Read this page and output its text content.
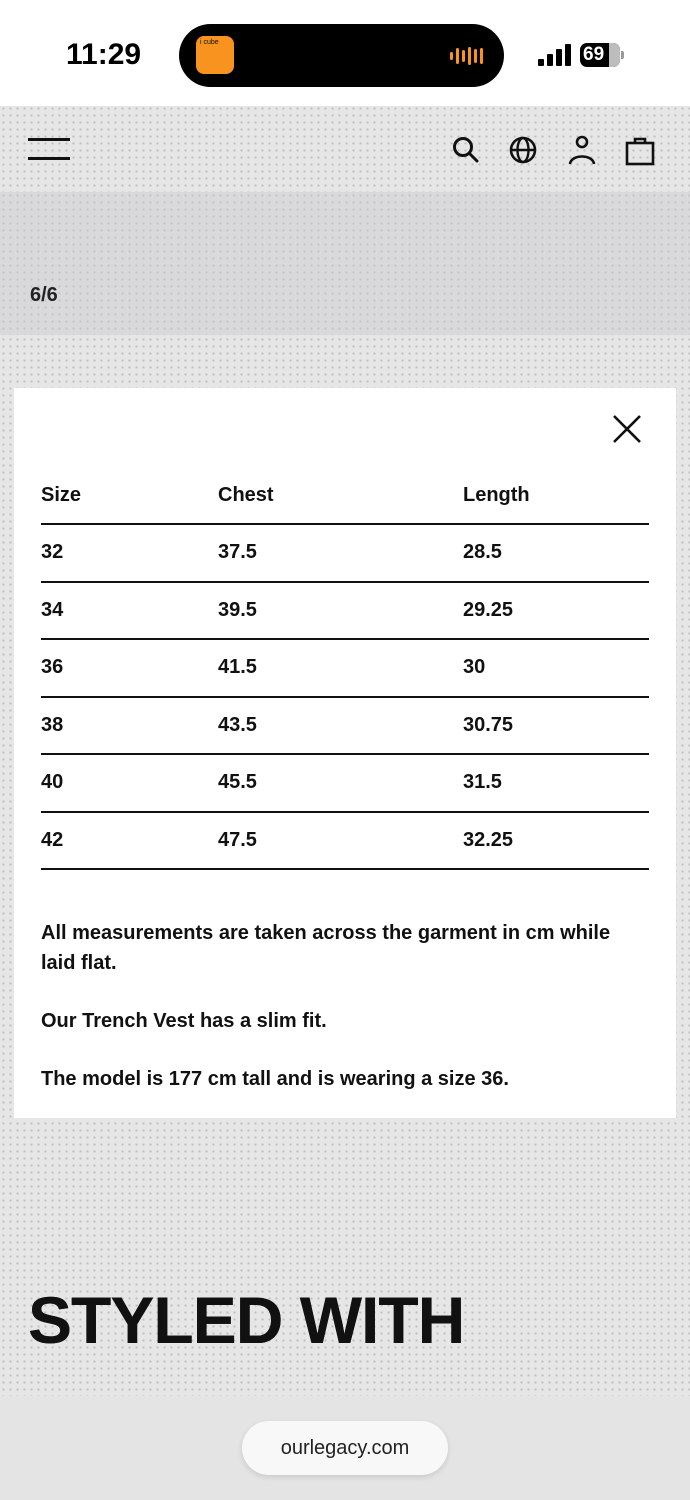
11:29	i cube
69
6/6
Size	Chest	Length
32	37.5	28.5
34	39.5	29.25
36	41.5	30
38	43.5	30.75
40	45.5	31.5
42	47.5	32.25

All measurements are taken across the garment in cm while laid flat.

Our Trench Vest has a slim fit.

The model is 177 cm tall and is wearing a size 36.

STYLED WITH
ourlegacy.com
